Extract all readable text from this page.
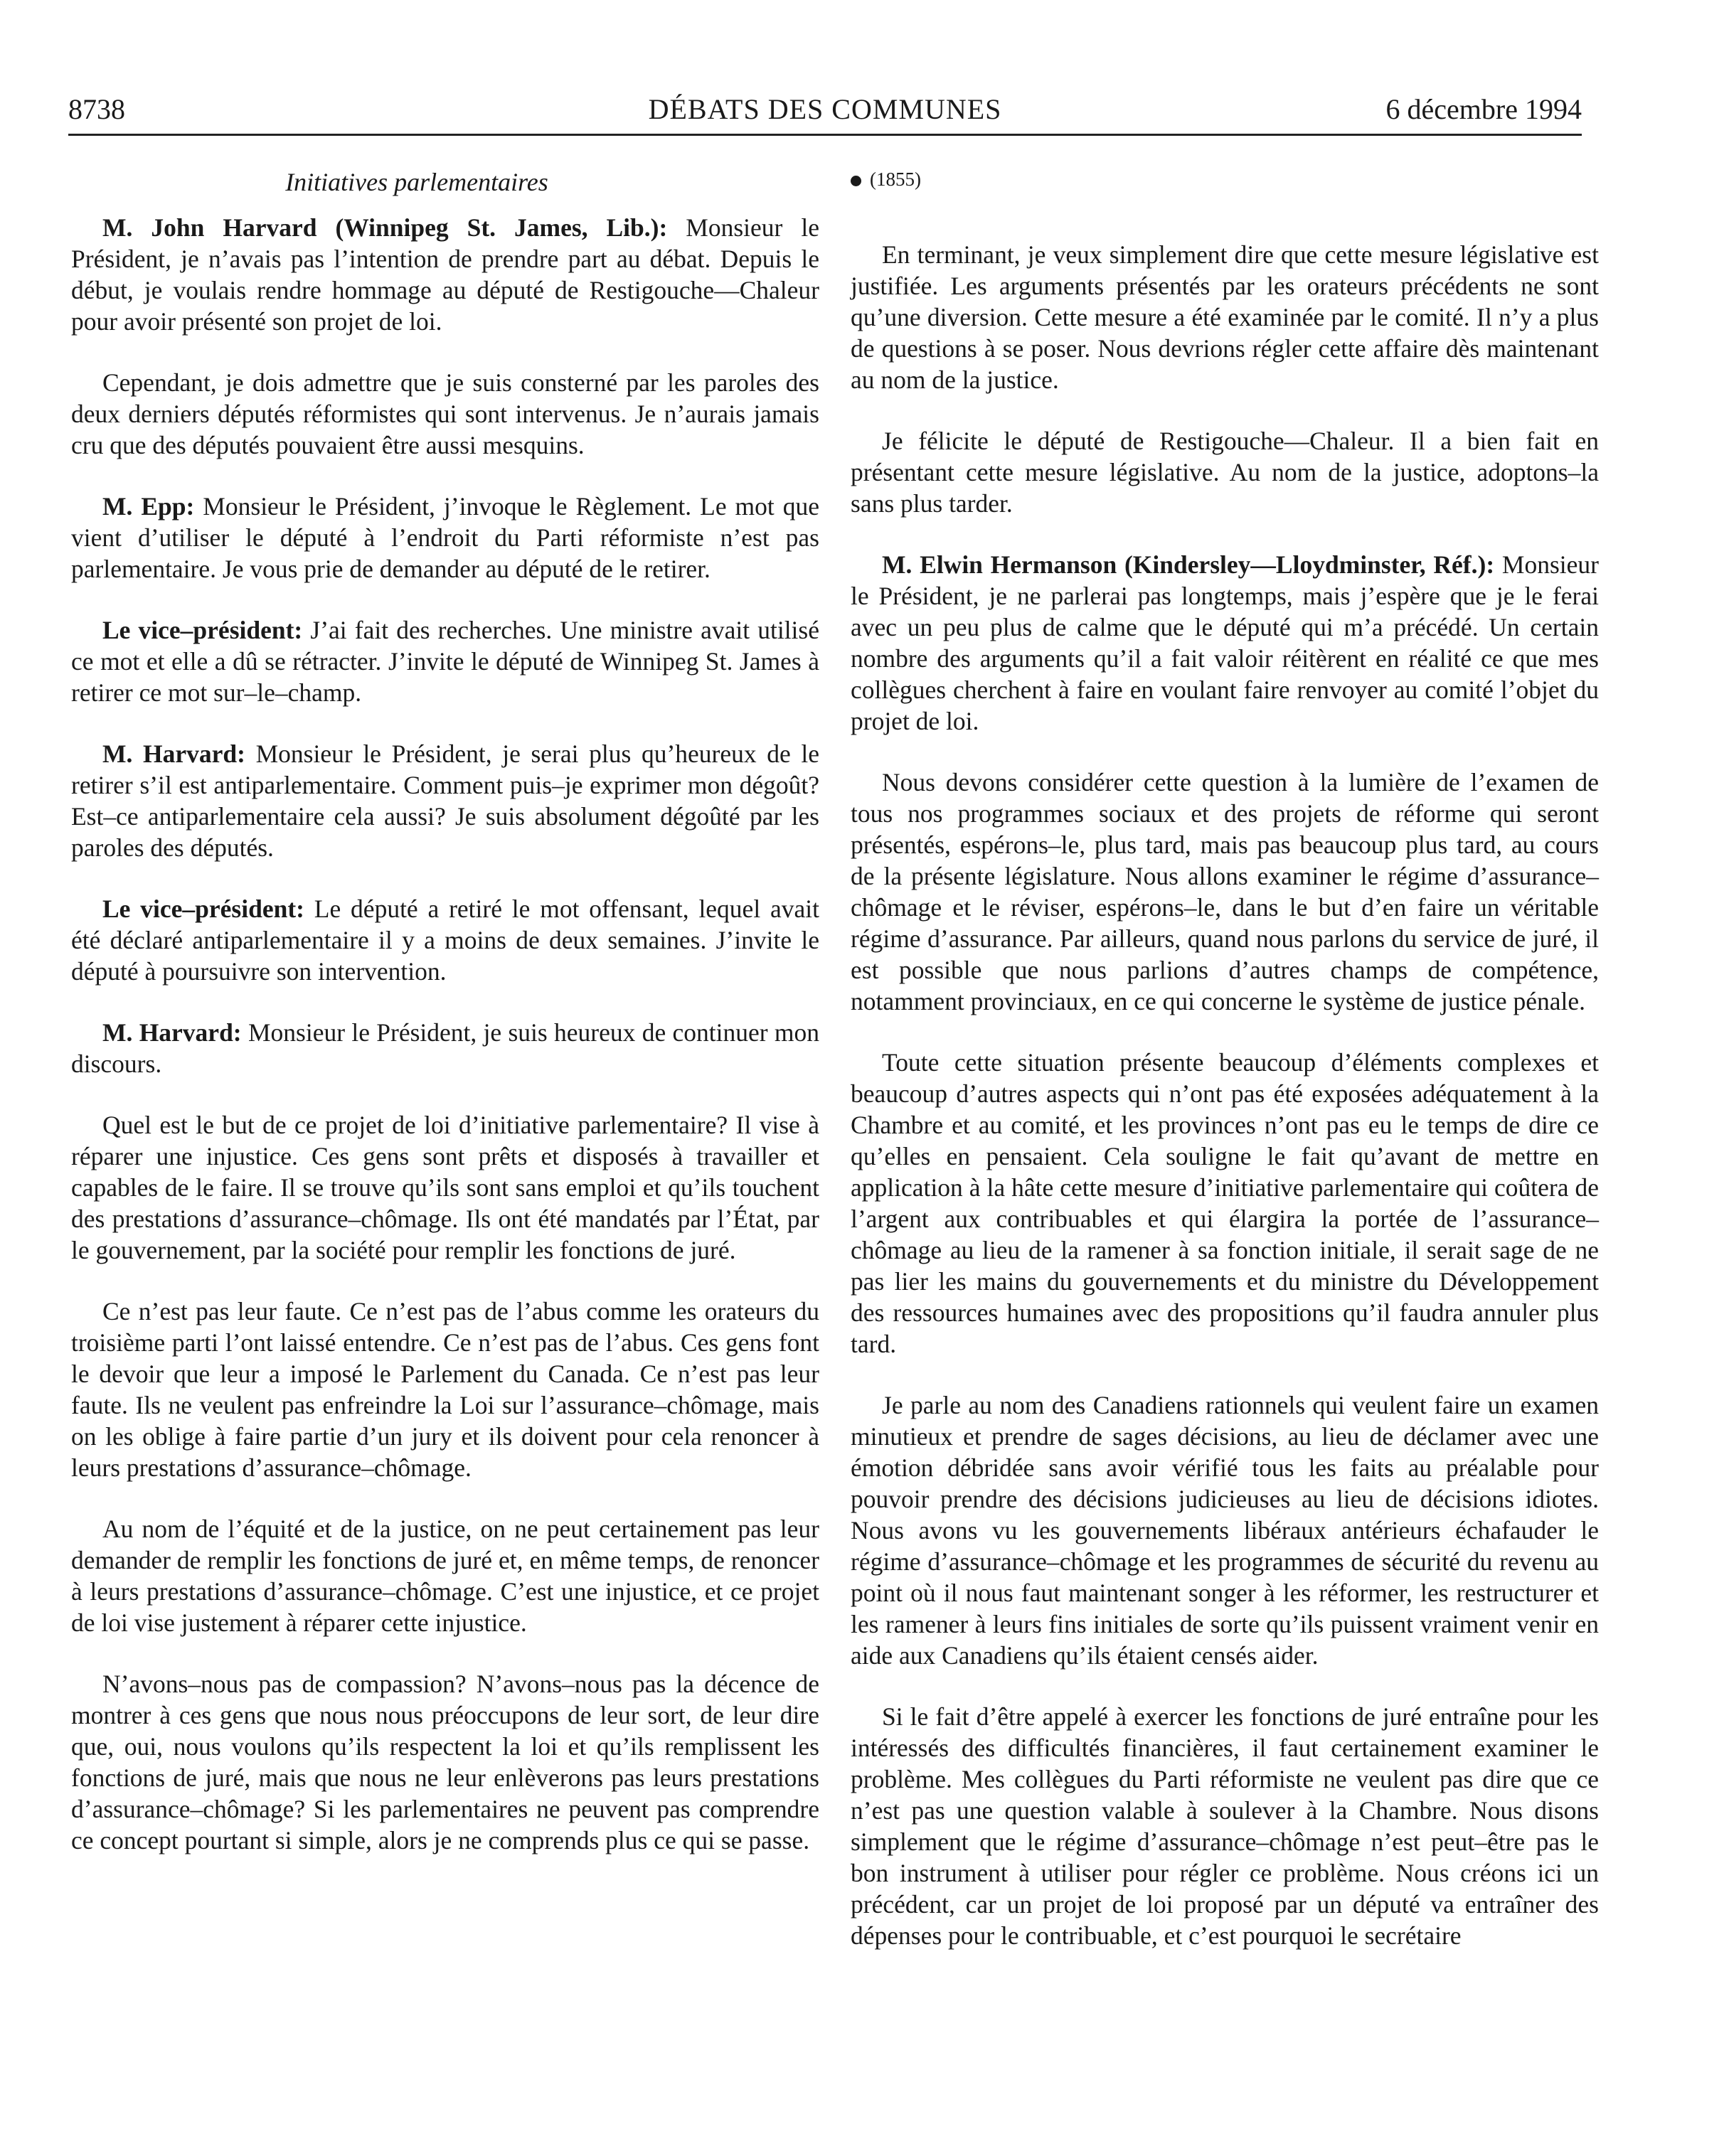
8738	DÉBATS DES COMMUNES	6 décembre 1994
Initiatives parlementaires

M. John Harvard (Winnipeg St. James, Lib.): Monsieur le Président, je n’avais pas l’intention de prendre part au débat. Depuis le début, je voulais rendre hommage au député de Restigouche—Chaleur pour avoir présenté son projet de loi.

Cependant, je dois admettre que je suis consterné par les paroles des deux derniers députés réformistes qui sont intervenus. Je n’aurais jamais cru que des députés pouvaient être aussi mesquins.

M. Epp: Monsieur le Président, j’invoque le Règlement. Le mot que vient d’utiliser le député à l’endroit du Parti réformiste n’est pas parlementaire. Je vous prie de demander au député de le retirer.

Le vice–président: J’ai fait des recherches. Une ministre avait utilisé ce mot et elle a dû se rétracter. J’invite le député de Winnipeg St. James à retirer ce mot sur–le–champ.

M. Harvard: Monsieur le Président, je serai plus qu’heureux de le retirer s’il est antiparlementaire. Comment puis–je exprimer mon dégoût? Est–ce antiparlementaire cela aussi? Je suis absolument dégoûté par les paroles des députés.

Le vice–président: Le député a retiré le mot offensant, lequel avait été déclaré antiparlementaire il y a moins de deux semaines. J’invite le député à poursuivre son intervention.

M. Harvard: Monsieur le Président, je suis heureux de continuer mon discours.

Quel est le but de ce projet de loi d’initiative parlementaire? Il vise à réparer une injustice. Ces gens sont prêts et disposés à travailler et capables de le faire. Il se trouve qu’ils sont sans emploi et qu’ils touchent des prestations d’assurance–chômage. Ils ont été mandatés par l’État, par le gouvernement, par la société pour remplir les fonctions de juré.

Ce n’est pas leur faute. Ce n’est pas de l’abus comme les orateurs du troisième parti l’ont laissé entendre. Ce n’est pas de l’abus. Ces gens font le devoir que leur a imposé le Parlement du Canada. Ce n’est pas leur faute. Ils ne veulent pas enfreindre la Loi sur l’assurance–chômage, mais on les oblige à faire partie d’un jury et ils doivent pour cela renoncer à leurs prestations d’assurance–chômage.

Au nom de l’équité et de la justice, on ne peut certainement pas leur demander de remplir les fonctions de juré et, en même temps, de renoncer à leurs prestations d’assurance–chômage. C’est une injustice, et ce projet de loi vise justement à réparer cette injustice.

N’avons–nous pas de compassion? N’avons–nous pas la décence de montrer à ces gens que nous nous préoccupons de leur sort, de leur dire que, oui, nous voulons qu’ils respectent la loi et qu’ils remplissent les fonctions de juré, mais que nous ne leur enlèverons pas leurs prestations d’assurance–chômage? Si les parlementaires ne peuvent pas comprendre ce concept pourtant si simple, alors je ne comprends plus ce qui se passe.

(1855)

En terminant, je veux simplement dire que cette mesure législative est justifiée. Les arguments présentés par les orateurs précédents ne sont qu’une diversion. Cette mesure a été examinée par le comité. Il n’y a plus de questions à se poser. Nous devrions régler cette affaire dès maintenant au nom de la justice.

Je félicite le député de Restigouche—Chaleur. Il a bien fait en présentant cette mesure législative. Au nom de la justice, adoptons–la sans plus tarder.

M. Elwin Hermanson (Kindersley—Lloydminster, Réf.): Monsieur le Président, je ne parlerai pas longtemps, mais j’espère que je le ferai avec un peu plus de calme que le député qui m’a précédé. Un certain nombre des arguments qu’il a fait valoir réitèrent en réalité ce que mes collègues cherchent à faire en voulant faire renvoyer au comité l’objet du projet de loi.

Nous devons considérer cette question à la lumière de l’examen de tous nos programmes sociaux et des projets de réforme qui seront présentés, espérons–le, plus tard, mais pas beaucoup plus tard, au cours de la présente législature. Nous allons examiner le régime d’assurance–chômage et le réviser, espérons–le, dans le but d’en faire un véritable régime d’assurance. Par ailleurs, quand nous parlons du service de juré, il est possible que nous parlions d’autres champs de compétence, notamment provinciaux, en ce qui concerne le système de justice pénale.

Toute cette situation présente beaucoup d’éléments complexes et beaucoup d’autres aspects qui n’ont pas été exposées adéquatement à la Chambre et au comité, et les provinces n’ont pas eu le temps de dire ce qu’elles en pensaient. Cela souligne le fait qu’avant de mettre en application à la hâte cette mesure d’initiative parlementaire qui coûtera de l’argent aux contribuables et qui élargira la portée de l’assurance–chômage au lieu de la ramener à sa fonction initiale, il serait sage de ne pas lier les mains du gouvernements et du ministre du Développement des ressources humaines avec des propositions qu’il faudra annuler plus tard.

Je parle au nom des Canadiens rationnels qui veulent faire un examen minutieux et prendre de sages décisions, au lieu de déclamer avec une émotion débridée sans avoir vérifié tous les faits au préalable pour pouvoir prendre des décisions judicieuses au lieu de décisions idiotes. Nous avons vu les gouvernements libéraux antérieurs échafauder le régime d’assurance–chômage et les programmes de sécurité du revenu au point où il nous faut maintenant songer à les réformer, les restructurer et les ramener à leurs fins initiales de sorte qu’ils puissent vraiment venir en aide aux Canadiens qu’ils étaient censés aider.

Si le fait d’être appelé à exercer les fonctions de juré entraîne pour les intéressés des difficultés financières, il faut certainement examiner le problème. Mes collègues du Parti réformiste ne veulent pas dire que ce n’est pas une question valable à soulever à la Chambre. Nous disons simplement que le régime d’assurance–chômage n’est peut–être pas le bon instrument à utiliser pour régler ce problème. Nous créons ici un précédent, car un projet de loi proposé par un député va entraîner des dépenses pour le contribuable, et c’est pourquoi le secrétaire
